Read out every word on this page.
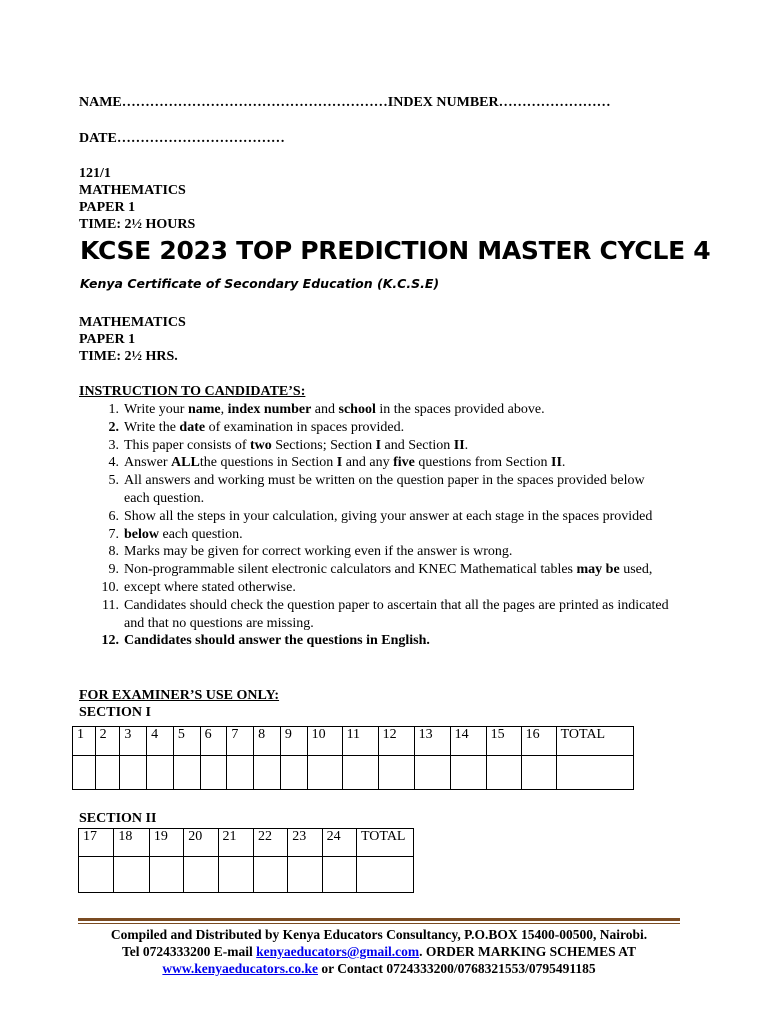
NAME…………………………………………………INDEX NUMBER……………………
DATE………………………………
121/1
MATHEMATICS
PAPER 1
TIME: 2½ HOURS
KCSE 2023 TOP PREDICTION MASTER CYCLE 4
Kenya Certificate of Secondary Education (K.C.S.E)
MATHEMATICS
PAPER 1
TIME: 2½ HRS.
INSTRUCTION TO CANDIDATE’S:
1. Write your name, index number and school in the spaces provided above.
2. Write the date of examination in spaces provided.
3. This paper consists of two Sections; Section I and Section II.
4. Answer ALLthe questions in Section I and any five questions from Section II.
5. All answers and working must be written on the question paper in the spaces provided below each question.
6. Show all the steps in your calculation, giving your answer at each stage in the spaces provided
7. below each question.
8. Marks may be given for correct working even if the answer is wrong.
9. Non-programmable silent electronic calculators and KNEC Mathematical tables may be used,
10. except where stated otherwise.
11. Candidates should check the question paper to ascertain that all the pages are printed as indicated and that no questions are missing.
12. Candidates should answer the questions in English.
FOR EXAMINER’S USE ONLY:
SECTION I
1	2	3	4	5	6	7	8	9	10	11	12	13	14	15	16	TOTAL

SECTION II
17	18	19	20	21	22	23	24	TOTAL

Compiled and Distributed by Kenya Educators Consultancy, P.O.BOX 15400-00500, Nairobi.
Tel 0724333200 E-mail kenyaeducators@gmail.com. ORDER MARKING SCHEMES AT
www.kenyaeducators.co.ke or Contact 0724333200/0768321553/0795491185
